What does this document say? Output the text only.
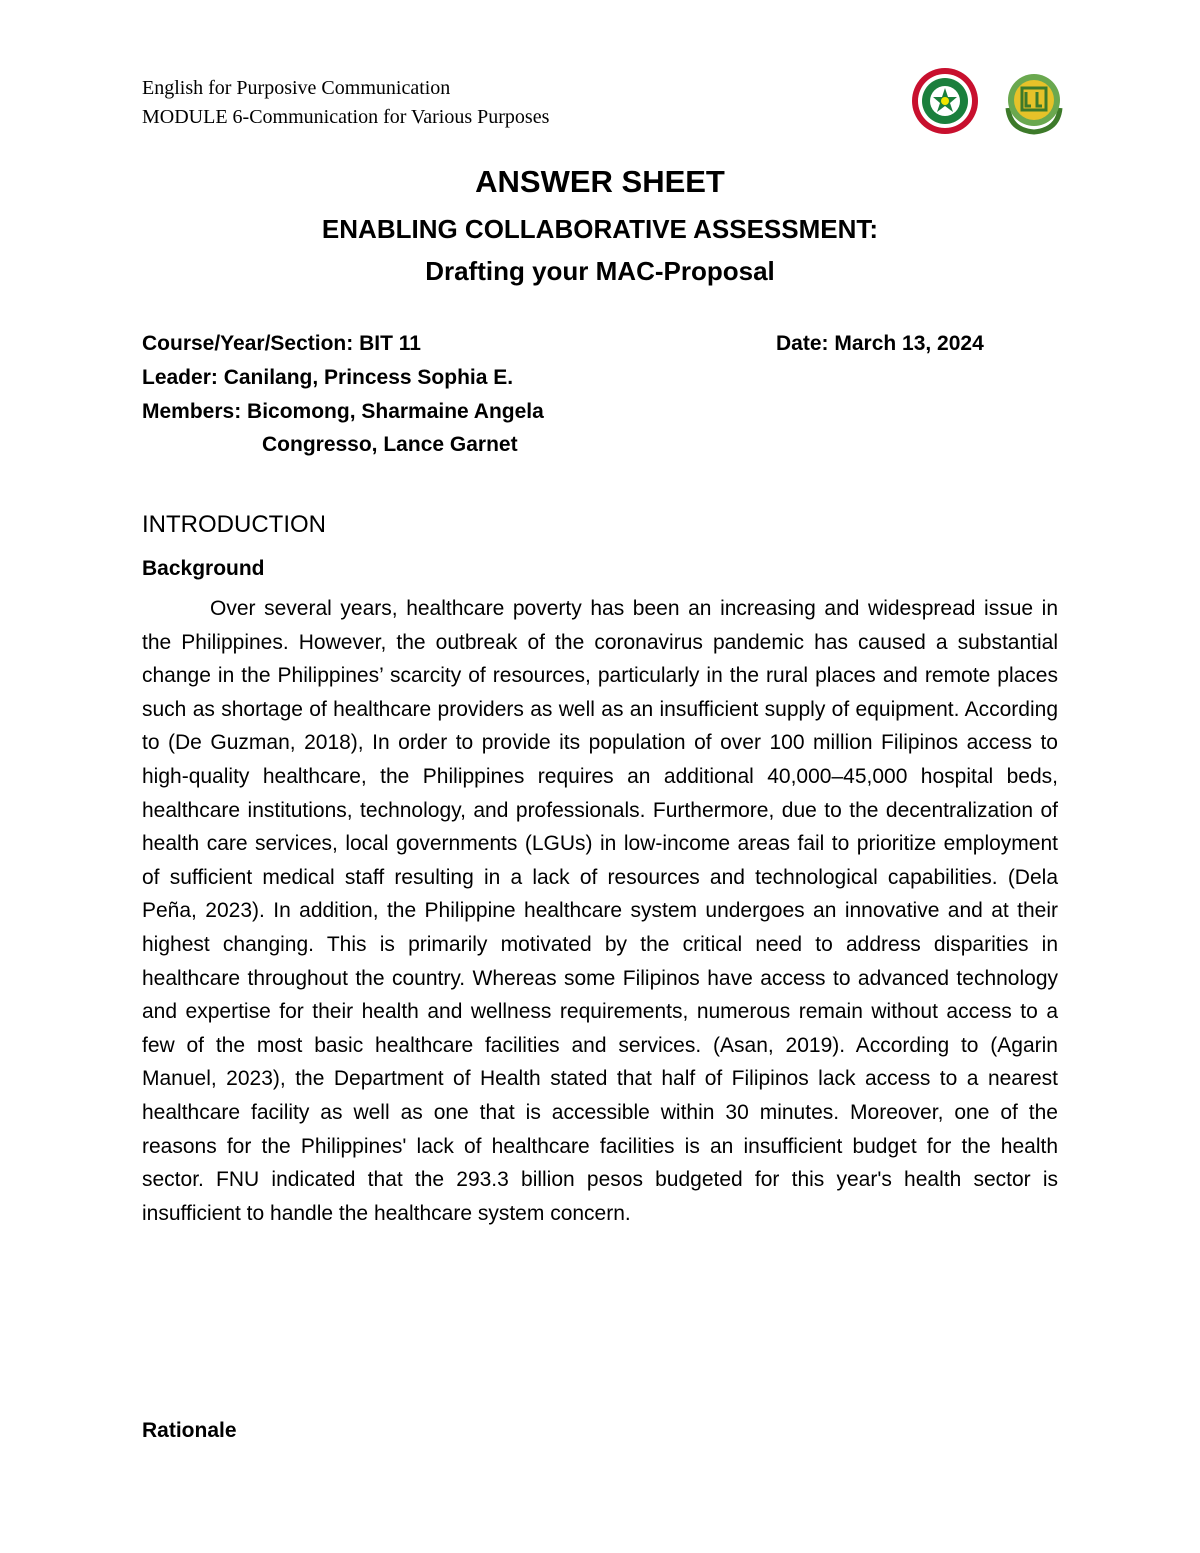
English for Purposive Communication
MODULE 6-Communication for Various Purposes
ANSWER SHEET
ENABLING COLLABORATIVE ASSESSMENT:
Drafting your MAC-Proposal
Course/Year/Section: BIT 11	Date: March 13, 2024
Leader: Canilang, Princess Sophia E.
Members: Bicomong, Sharmaine Angela
Congresso, Lance Garnet
INTRODUCTION
Background

Over several years, healthcare poverty has been an increasing and widespread issue in the Philippines. However, the outbreak of the coronavirus pandemic has caused a substantial change in the Philippines’ scarcity of resources, particularly in the rural places and remote places such as shortage of healthcare providers as well as an insufficient supply of equipment. According to (De Guzman, 2018), In order to provide its population of over 100 million Filipinos access to high-quality healthcare, the Philippines requires an additional 40,000–45,000 hospital beds, healthcare institutions, technology, and professionals. Furthermore, due to the decentralization of health care services, local governments (LGUs) in low-income areas fail to prioritize employment of sufficient medical staff resulting in a lack of resources and technological capabilities. (Dela Peña, 2023). In addition, the Philippine healthcare system undergoes an innovative and at their highest changing. This is primarily motivated by the critical need to address disparities in healthcare throughout the country. Whereas some Filipinos have access to advanced technology and expertise for their health and wellness requirements, numerous remain without access to a few of the most basic healthcare facilities and services. (Asan, 2019). According to (Agarin Manuel, 2023), the Department of Health stated that half of Filipinos lack access to a nearest healthcare facility as well as one that is accessible within 30 minutes. Moreover, one of the reasons for the Philippines' lack of healthcare facilities is an insufficient budget for the health sector. FNU indicated that the 293.3 billion pesos budgeted for this year's health sector is insufficient to handle the healthcare system concern.

Rationale
